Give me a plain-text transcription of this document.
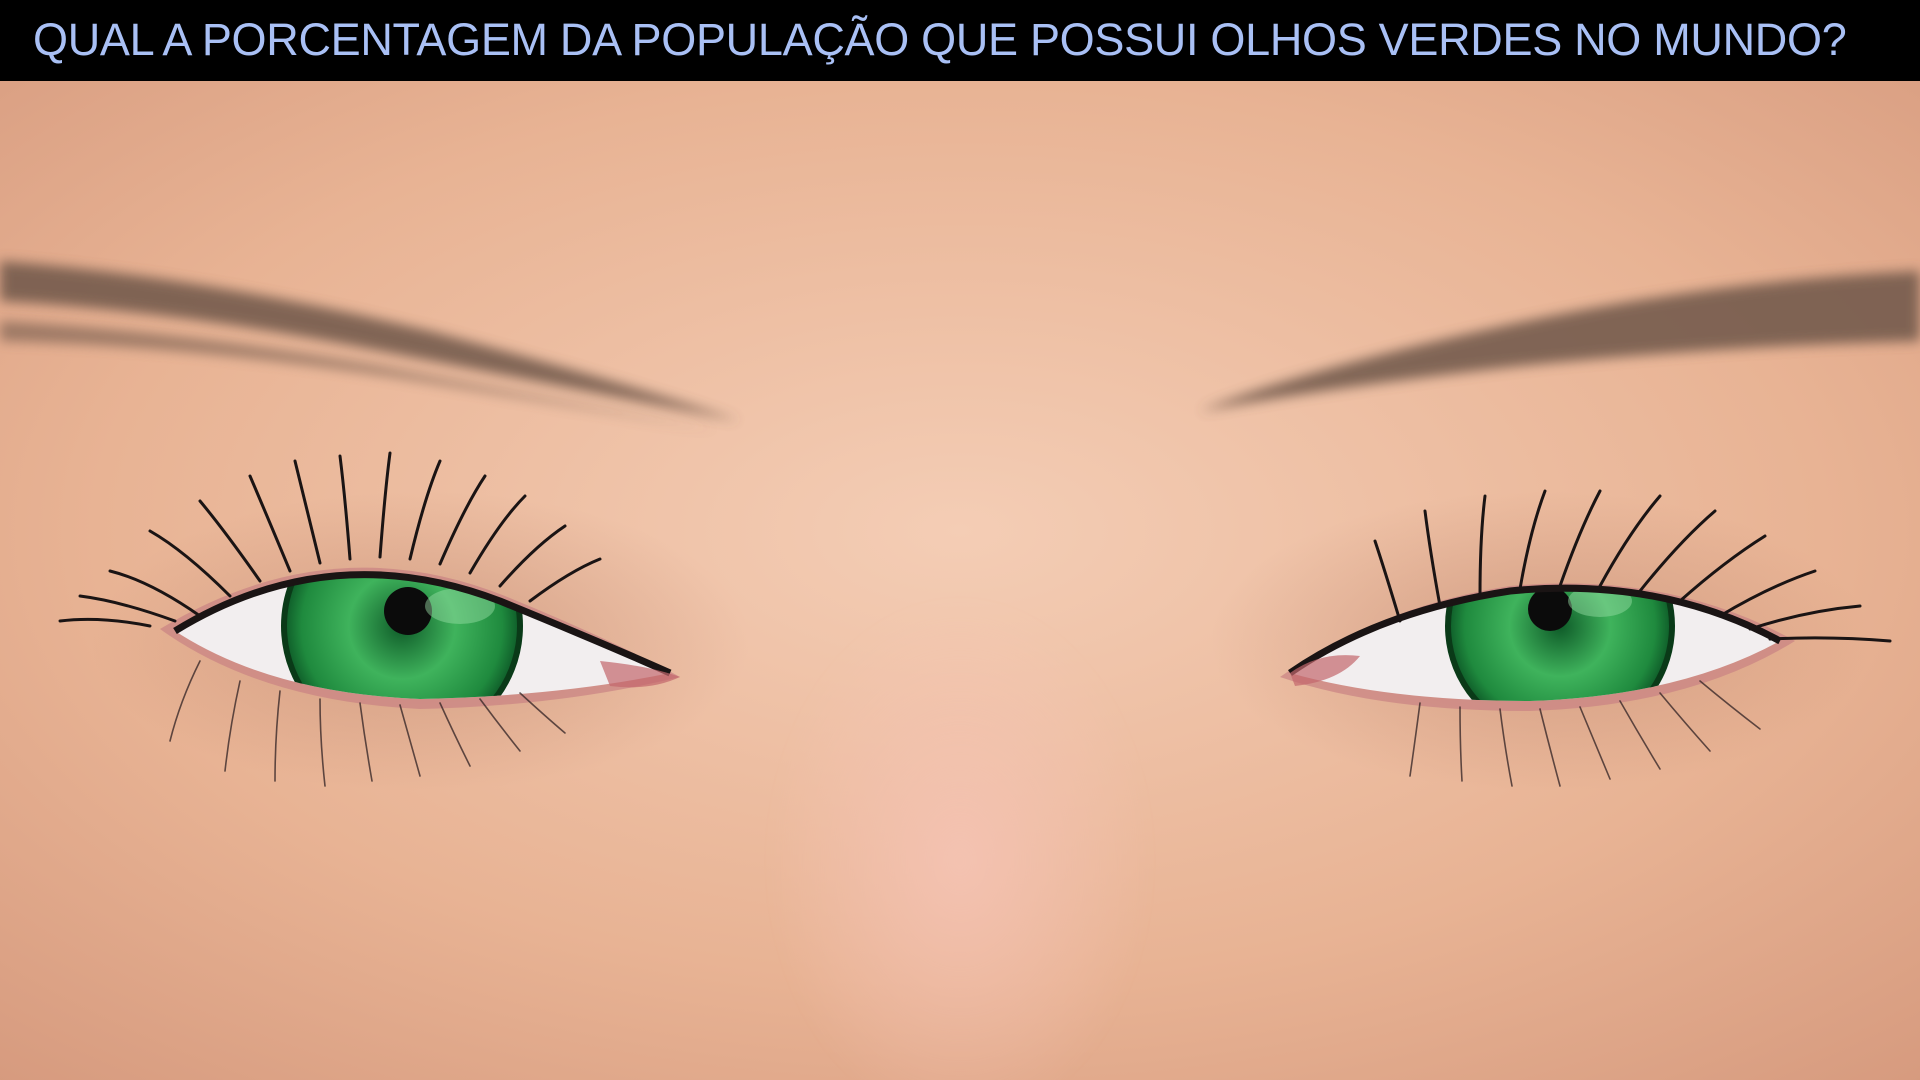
QUAL A PORCENTAGEM DA POPULAÇÃO QUE POSSUI OLHOS VERDES NO MUNDO?
